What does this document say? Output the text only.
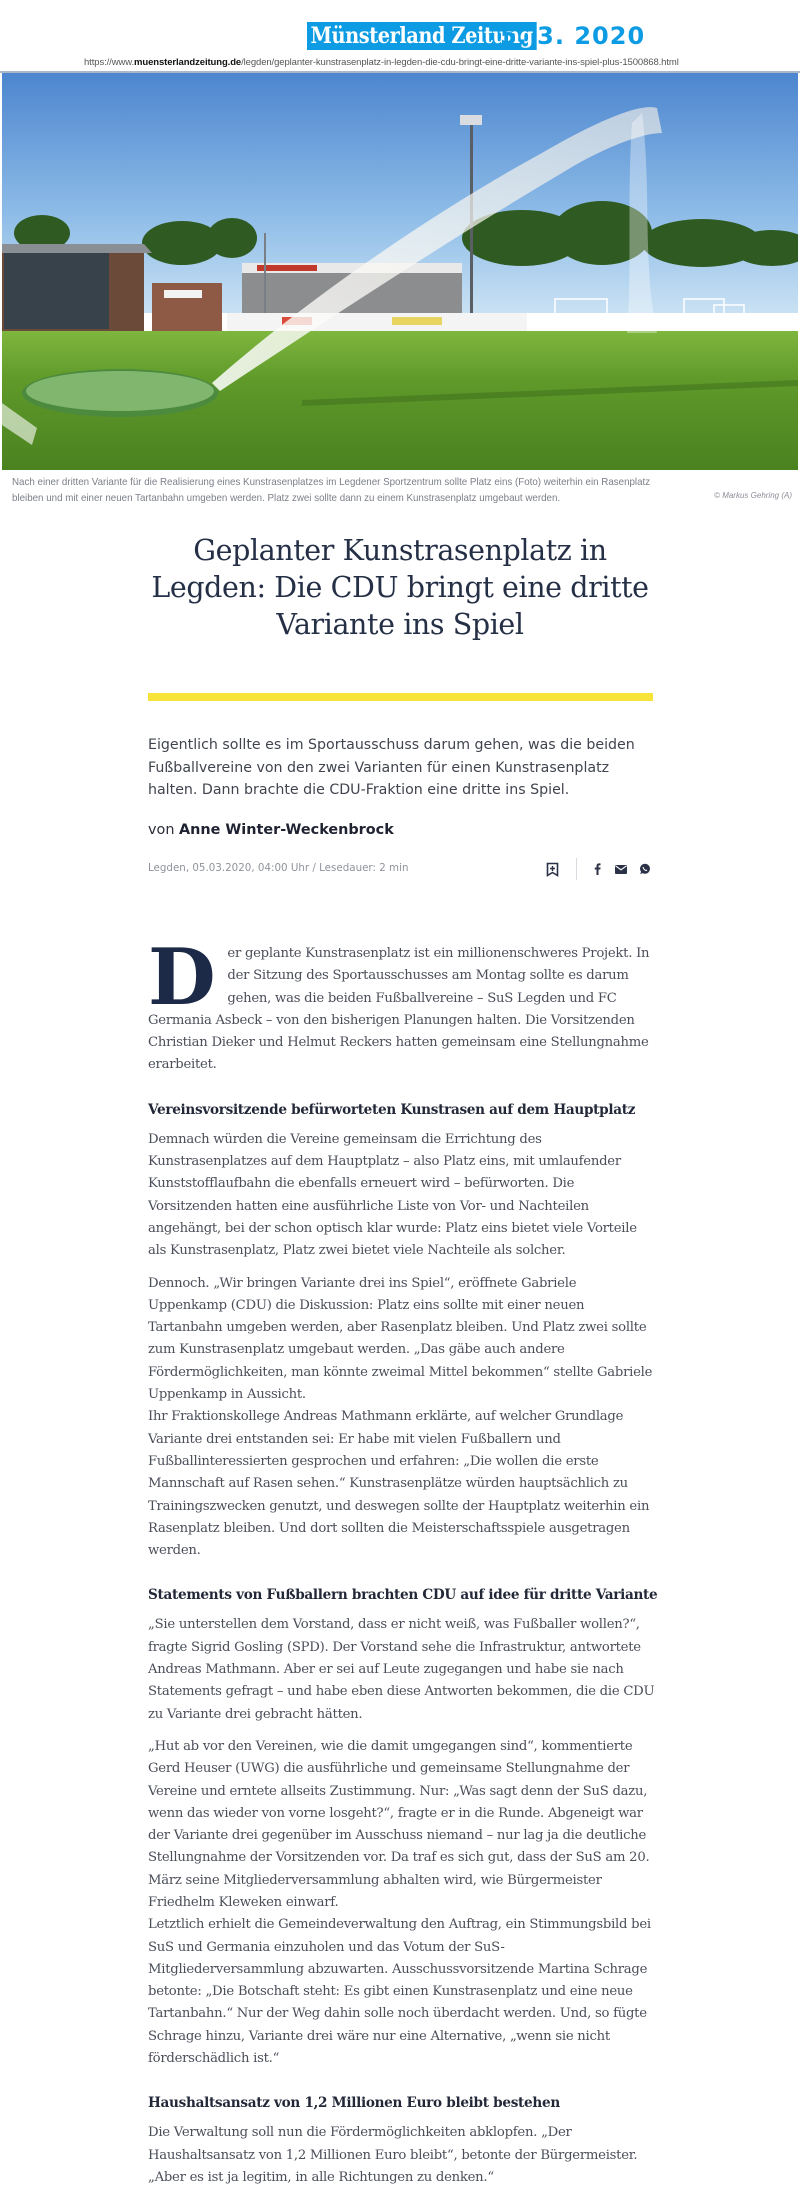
Münsterland Zeitung
5. 3. 2020
https://www.muensterlandzeitung.de/legden/geplanter-kunstrasenplatz-in-legden-die-cdu-bringt-eine-dritte-variante-ins-spiel-plus-1500868.html
Nach einer dritten Variante für die Realisierung eines Kunstrasenplatzes im Legdener Sportzentrum sollte Platz eins (Foto) weiterhin ein Rasenplatz bleiben und mit einer neuen Tartanbahn umgeben werden. Platz zwei sollte dann zu einem Kunstrasenplatz umgebaut werden.	© Markus Gehring (A)
Geplanter Kunstrasenplatz in Legden: Die CDU bringt eine dritte Variante ins Spiel

Eigentlich sollte es im Sportausschuss darum gehen, was die beiden Fußballvereine von den zwei Varianten für einen Kunstrasenplatz halten. Dann brachte die CDU-Fraktion eine dritte ins Spiel.

von Anne Winter-Weckenbrock
Legden, 05.03.2020, 04:00 Uhr / Lesedauer: 2 min

Der geplante Kunstrasenplatz ist ein millionenschweres Projekt. In der Sitzung des Sportausschusses am Montag sollte es darum gehen, was die beiden Fußballvereine – SuS Legden und FC Germania Asbeck – von den bisherigen Planungen halten. Die Vorsitzenden Christian Dieker und Helmut Reckers hatten gemeinsam eine Stellungnahme erarbeitet.

Vereinsvorsitzende befürworteten Kunstrasen auf dem Hauptplatz

Demnach würden die Vereine gemeinsam die Errichtung des Kunstrasenplatzes auf dem Hauptplatz – also Platz eins, mit umlaufender Kunststofflaufbahn die ebenfalls erneuert wird – befürworten. Die Vorsitzenden hatten eine ausführliche Liste von Vor- und Nachteilen angehängt, bei der schon optisch klar wurde: Platz eins bietet viele Vorteile als Kunstrasenplatz, Platz zwei bietet viele Nachteile als solcher.

Dennoch. „Wir bringen Variante drei ins Spiel“, eröffnete Gabriele Uppenkamp (CDU) die Diskussion: Platz eins sollte mit einer neuen Tartanbahn umgeben werden, aber Rasenplatz bleiben. Und Platz zwei sollte zum Kunstrasenplatz umgebaut werden. „Das gäbe auch andere Fördermöglichkeiten, man könnte zweimal Mittel bekommen“ stellte Gabriele Uppenkamp in Aussicht.

Ihr Fraktionskollege Andreas Mathmann erklärte, auf welcher Grundlage Variante drei entstanden sei: Er habe mit vielen Fußballern und Fußballinteressierten gesprochen und erfahren: „Die wollen die erste Mannschaft auf Rasen sehen.“ Kunstrasenplätze würden hauptsächlich zu Trainingszwecken genutzt, und deswegen sollte der Hauptplatz weiterhin ein Rasenplatz bleiben. Und dort sollten die Meisterschaftsspiele ausgetragen werden.

Statements von Fußballern brachten CDU auf idee für dritte Variante

„Sie unterstellen dem Vorstand, dass er nicht weiß, was Fußballer wollen?“, fragte Sigrid Gosling (SPD). Der Vorstand sehe die Infrastruktur, antwortete Andreas Mathmann. Aber er sei auf Leute zugegangen und habe sie nach Statements gefragt – und habe eben diese Antworten bekommen, die die CDU zu Variante drei gebracht hätten.

„Hut ab vor den Vereinen, wie die damit umgegangen sind“, kommentierte Gerd Heuser (UWG) die ausführliche und gemeinsame Stellungnahme der Vereine und erntete allseits Zustimmung. Nur: „Was sagt denn der SuS dazu, wenn das wieder von vorne losgeht?“, fragte er in die Runde. Abgeneigt war der Variante drei gegenüber im Ausschuss niemand – nur lag ja die deutliche Stellungnahme der Vorsitzenden vor. Da traf es sich gut, dass der SuS am 20. März seine Mitgliederversammlung abhalten wird, wie Bürgermeister Friedhelm Kleweken einwarf.

Letztlich erhielt die Gemeindeverwaltung den Auftrag, ein Stimmungsbild bei SuS und Germania einzuholen und das Votum der SuS-Mitgliederversammlung abzuwarten. Ausschussvorsitzende Martina Schrage betonte: „Die Botschaft steht: Es gibt einen Kunstrasenplatz und eine neue Tartanbahn.“ Nur der Weg dahin solle noch überdacht werden. Und, so fügte Schrage hinzu, Variante drei wäre nur eine Alternative, „wenn sie nicht förderschädlich ist.“

Haushaltsansatz von 1,2 Millionen Euro bleibt bestehen

Die Verwaltung soll nun die Fördermöglichkeiten abklopfen. „Der Haushaltsansatz von 1,2 Millionen Euro bleibt“, betonte der Bürgermeister. „Aber es ist ja legitim, in alle Richtungen zu denken.“
